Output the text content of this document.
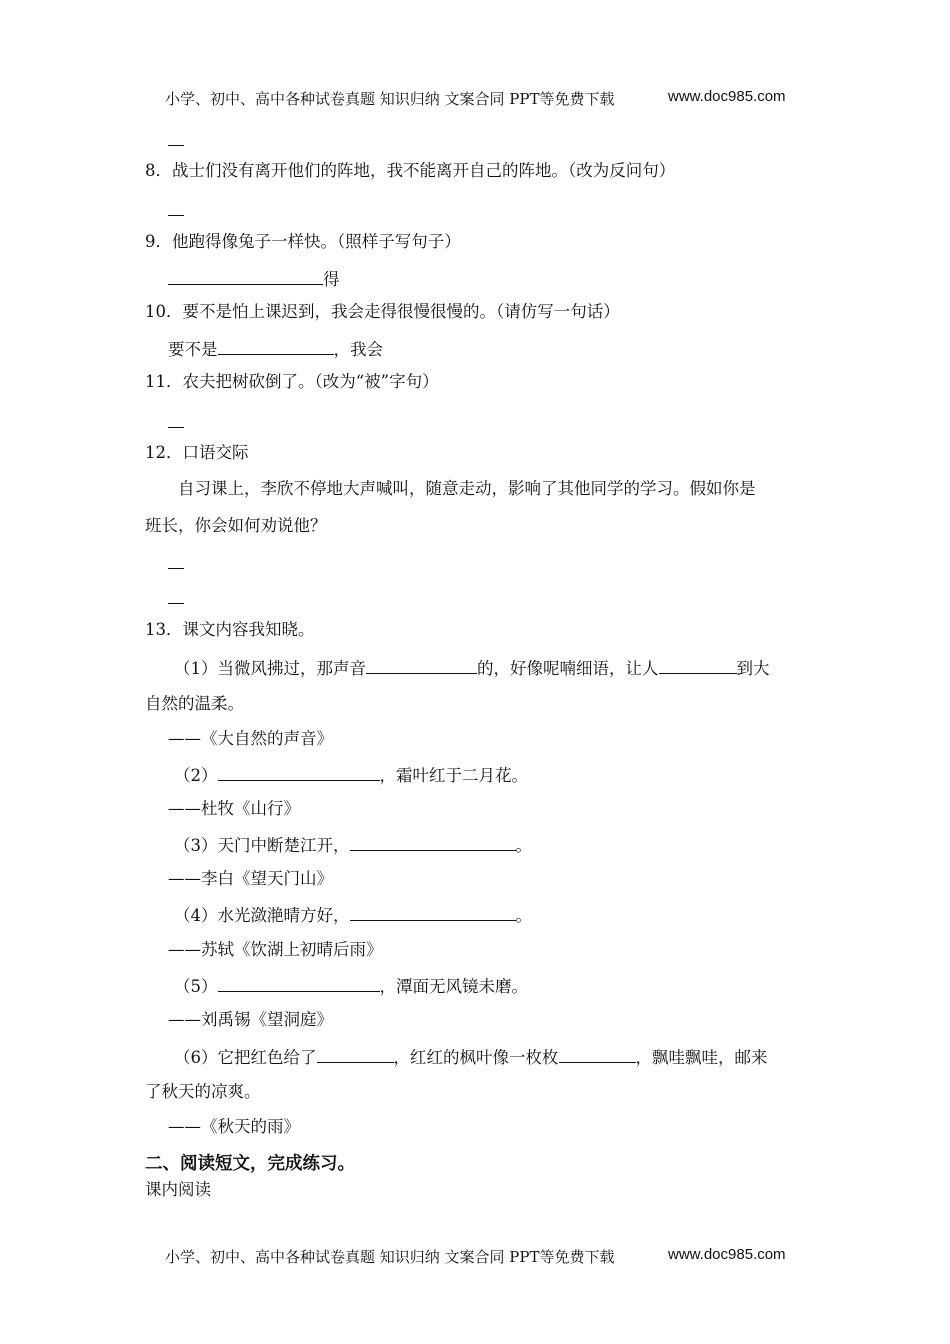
小学、初中、高中各种试卷真题 知识归纳 文案合同 PPT等免费下载	www.doc985.com
8．战士们没有离开他们的阵地，我不能离开自己的阵地。（改为反问句）
9．他跑得像兔子一样快。（照样子写句子）
得
10．要不是怕上课迟到，我会走得很慢很慢的。（请仿写一句话）
要不是	，我会
11．农夫把树砍倒了。（改为“被”字句）
12．口语交际
自习课上，李欣不停地大声喊叫，随意走动，影响了其他同学的学习。假如你是
班长，你会如何劝说他？
13．课文内容我知晓。
（1）当微风拂过，那声音	的，好像呢喃细语，让人	到大
自然的温柔。
——《大自然的声音》
（2）	，霜叶红于二月花。
——杜牧《山行》
（3）天门中断楚江开，	。
——李白《望天门山》
（4）水光潋滟晴方好，	。
——苏轼《饮湖上初晴后雨》
（5）	，潭面无风镜未磨。
——刘禹锡《望洞庭》
（6）它把红色给了	，红红的枫叶像一枚枚	，飘哇飘哇，邮来
了秋天的凉爽。
——《秋天的雨》
二、阅读短文，完成练习。
课内阅读
小学、初中、高中各种试卷真题 知识归纳 文案合同 PPT等免费下载	www.doc985.com
